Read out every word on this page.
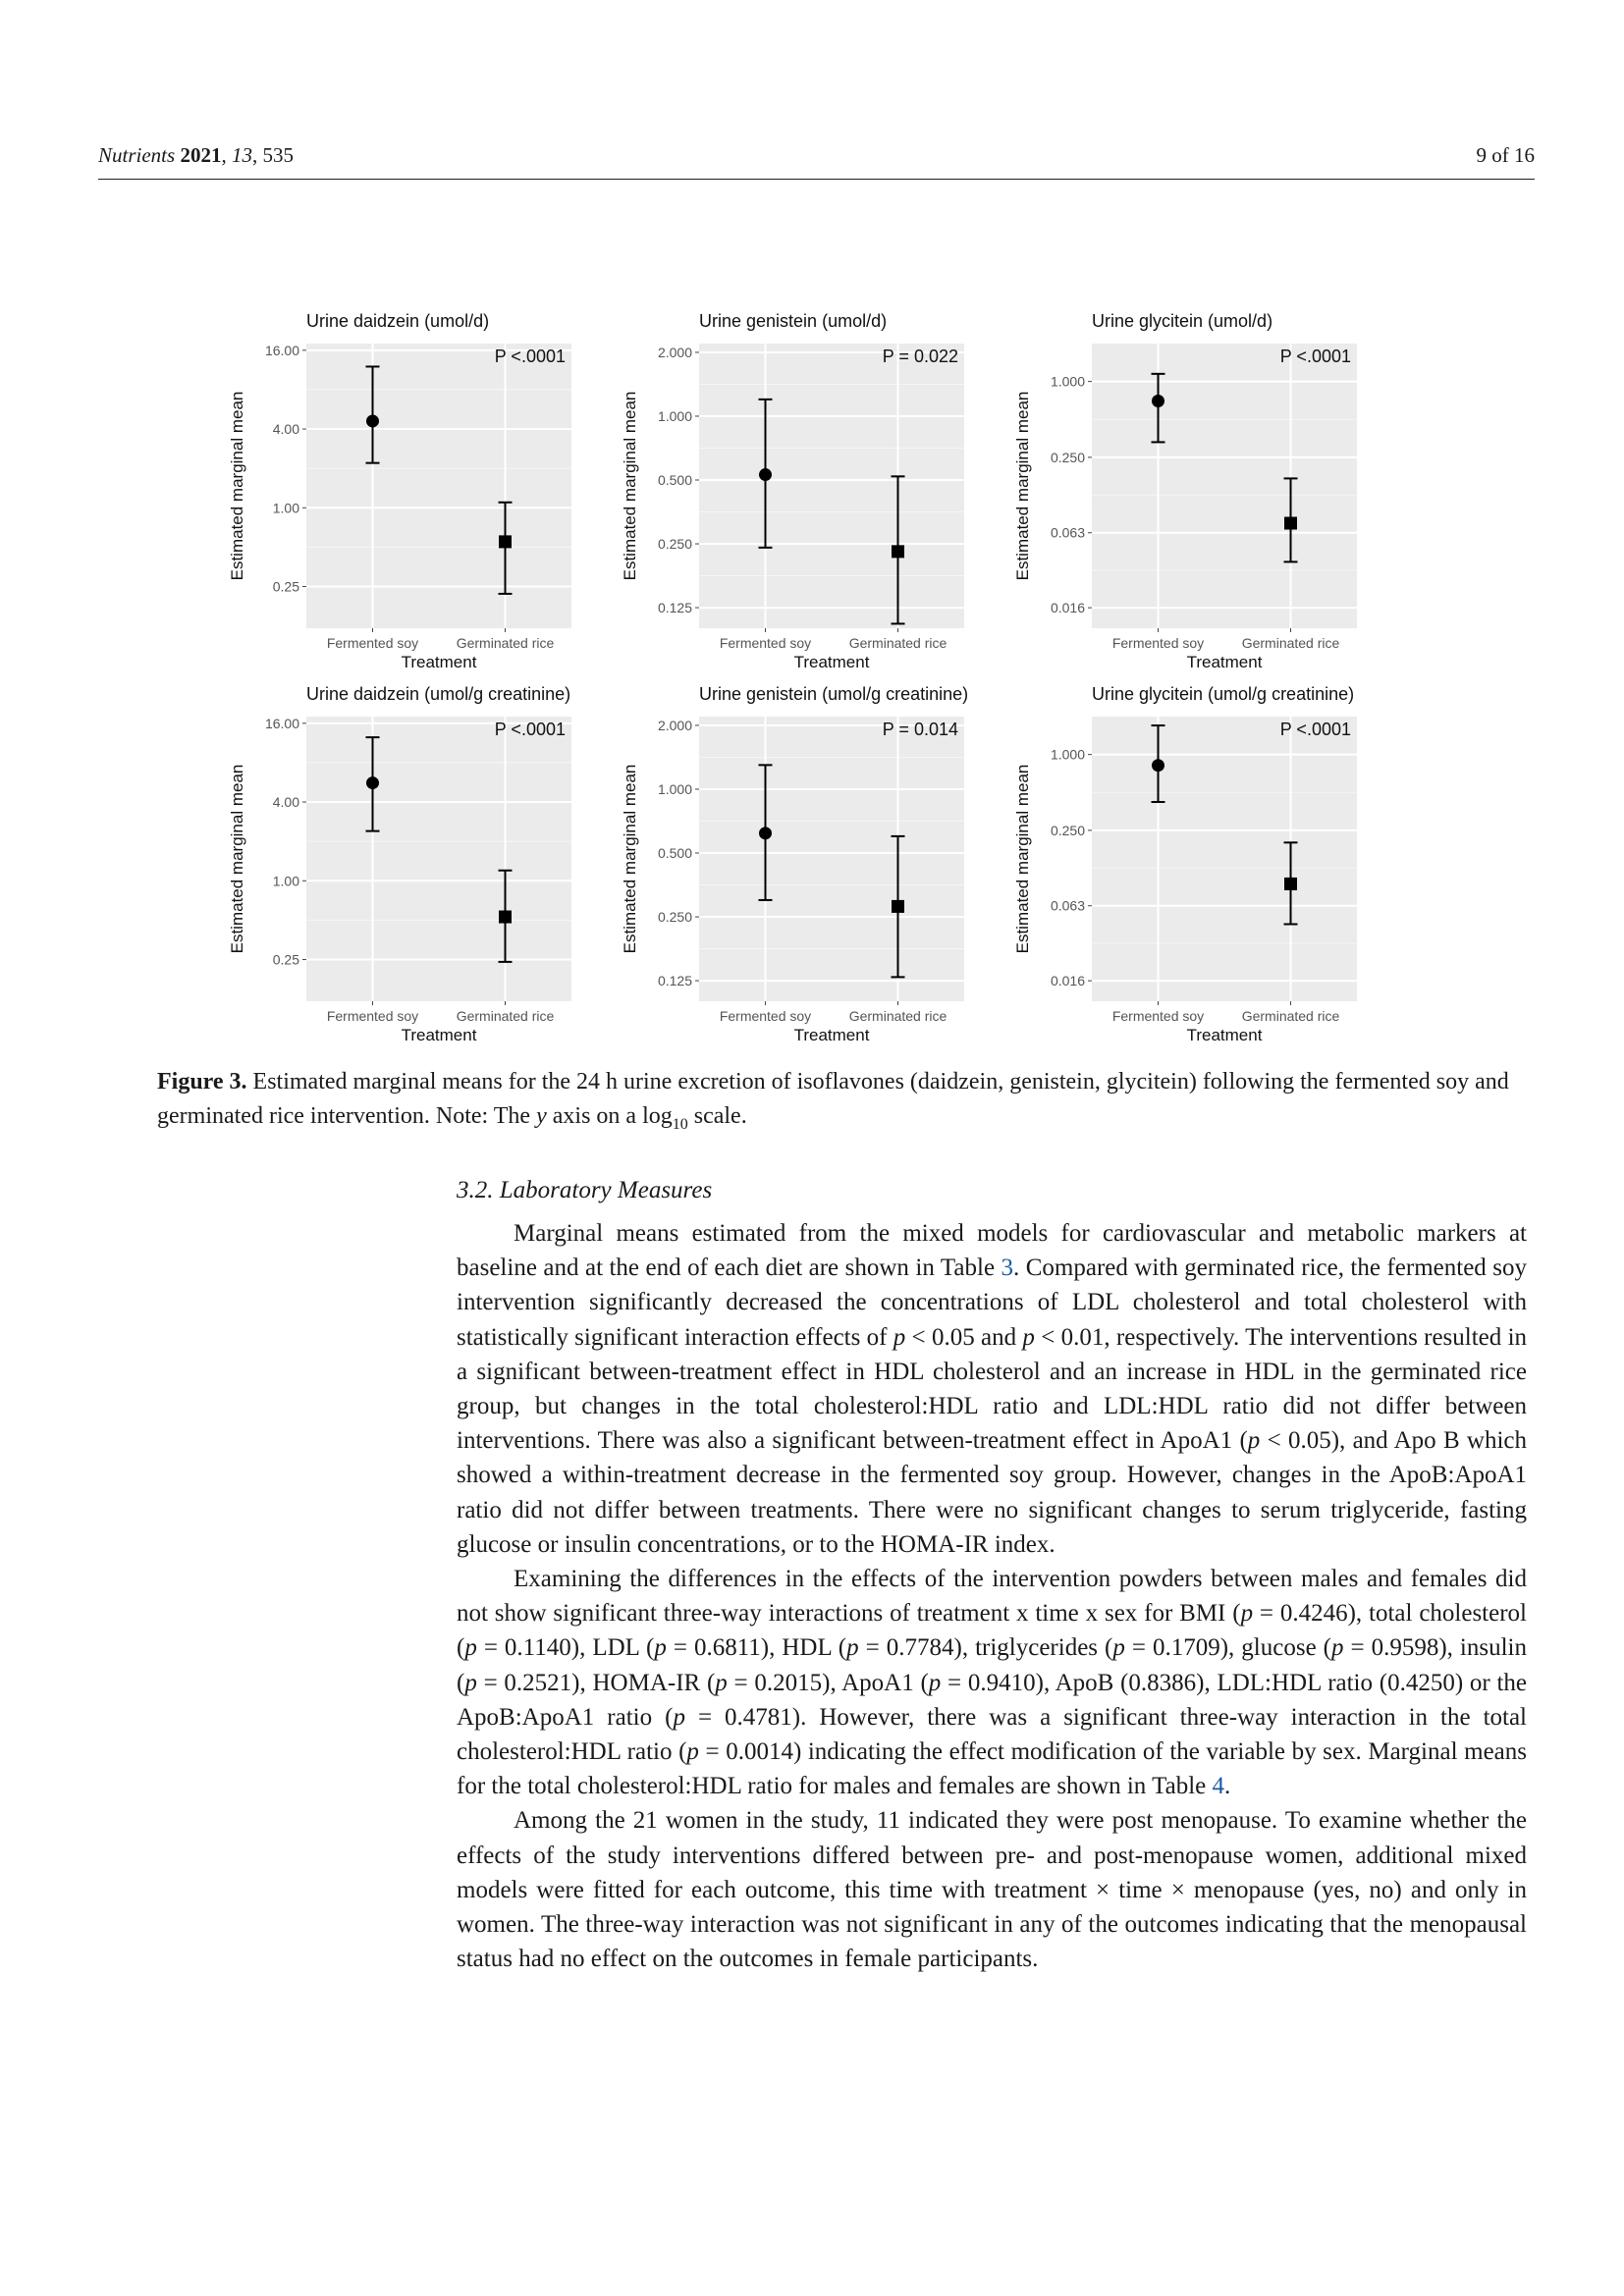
Nutrients 2021, 13, 535	9 of 16
0.25
1.00
4.00
16.00
Urine daidzein (umol/d)
P <.0001
Estimated marginal mean
Fermented soy	Germinated rice
Treatment
0.125
0.250
0.500
1.000
2.000
Urine genistein (umol/d)
P = 0.022
Estimated marginal mean
Fermented soy	Germinated rice
Treatment
0.016
0.063
0.250
1.000
Urine glycitein (umol/d)
P <.0001
Estimated marginal mean
Fermented soy	Germinated rice
Treatment
0.25
1.00
4.00
16.00
Urine daidzein (umol/g creatinine)
P <.0001
Estimated marginal mean
Fermented soy	Germinated rice
Treatment
0.125
0.250
0.500
1.000
2.000
Urine genistein (umol/g creatinine)
P = 0.014
Estimated marginal mean
Fermented soy	Germinated rice
Treatment
0.016
0.063
0.250
1.000
Urine glycitein (umol/g creatinine)
P <.0001
Estimated marginal mean
Fermented soy	Germinated rice
Treatment
Figure 3. Estimated marginal means for the 24 h urine excretion of isoflavones (daidzein, genistein, glycitein) following the fermented soy and germinated rice intervention. Note: The y axis on a $\log_{10}$ scale.
3.2. Laboratory Measures

Marginal means estimated from the mixed models for cardiovascular and metabolic markers at baseline and at the end of each diet are shown in Table 3. Compared with germinated rice, the fermented soy intervention significantly decreased the concentrations of LDL cholesterol and total cholesterol with statistically significant interaction effects of p < 0.05 and p < 0.01, respectively. The interventions resulted in a significant between-treatment effect in HDL cholesterol and an increase in HDL in the germinated rice group, but changes in the total cholesterol:HDL ratio and LDL:HDL ratio did not differ between interventions. There was also a significant between-treatment effect in ApoA1 (p < 0.05), and Apo B which showed a within-treatment decrease in the fermented soy group. However, changes in the ApoB:ApoA1 ratio did not differ between treatments. There were no significant changes to serum triglyceride, fasting glucose or insulin concentrations, or to the HOMA-IR index.

Examining the differences in the effects of the intervention powders between males and females did not show significant three-way interactions of treatment x time x sex for BMI (p = 0.4246), total cholesterol (p = 0.1140), LDL (p = 0.6811), HDL (p = 0.7784), triglycerides (p = 0.1709), glucose (p = 0.9598), insulin (p = 0.2521), HOMA-IR (p = 0.2015), ApoA1 (p = 0.9410), ApoB (0.8386), LDL:HDL ratio (0.4250) or the ApoB:ApoA1 ratio (p = 0.4781). However, there was a significant three-way interaction in the total cholesterol:HDL ratio (p = 0.0014) indicating the effect modification of the variable by sex. Marginal means for the total cholesterol:HDL ratio for males and females are shown in Table 4.

Among the 21 women in the study, 11 indicated they were post menopause. To examine whether the effects of the study interventions differed between pre- and post-menopause women, additional mixed models were fitted for each outcome, this time with treatment × time × menopause (yes, no) and only in women. The three-way interaction was not significant in any of the outcomes indicating that the menopausal status had no effect on the outcomes in female participants.
